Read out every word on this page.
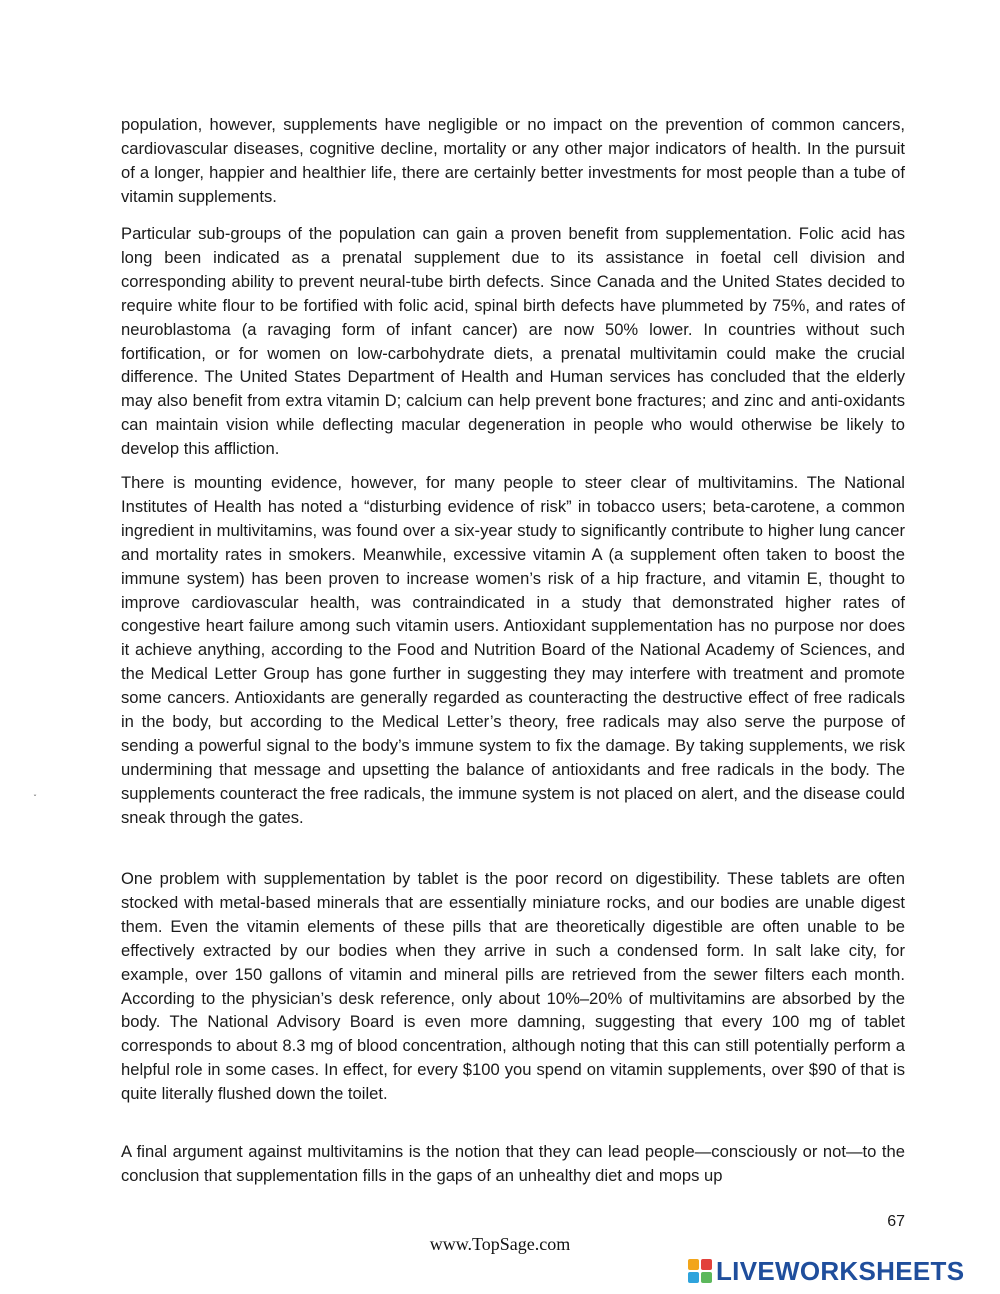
population, however, supplements have negligible or no impact on the prevention of common cancers, cardiovascular diseases, cognitive decline, mortality or any other major indicators of health. In the pursuit of a longer, happier and healthier life, there are certainly better investments for most people than a tube of vitamin supplements.

Particular sub-groups of the population can gain a proven benefit from supplementation. Folic acid has long been indicated as a prenatal supplement due to its assistance in foetal cell division and corresponding ability to prevent neural-tube birth defects. Since Canada and the United States decided to require white flour to be fortified with folic acid, spinal birth defects have plummeted by 75%, and rates of neuroblastoma (a ravaging form of infant cancer) are now 50% lower. In countries without such fortification, or for women on low-carbohydrate diets, a prenatal multivitamin could make the crucial difference. The United States Department of Health and Human services has concluded that the elderly may also benefit from extra vitamin D; calcium can help prevent bone fractures; and zinc and anti-oxidants can maintain vision while deflecting macular degeneration in people who would otherwise be likely to develop this affliction.

There is mounting evidence, however, for many people to steer clear of multivitamins. The National Institutes of Health has noted a “disturbing evidence of risk” in tobacco users; beta-carotene, a common ingredient in multivitamins, was found over a six-year study to significantly contribute to higher lung cancer and mortality rates in smokers. Meanwhile, excessive vitamin A (a supplement often taken to boost the immune system) has been proven to increase women’s risk of a hip fracture, and vitamin E, thought to improve cardiovascular health, was contraindicated in a study that demonstrated higher rates of congestive heart failure among such vitamin users. Antioxidant supplementation has no purpose nor does it achieve anything, according to the Food and Nutrition Board of the National Academy of Sciences, and the Medical Letter Group has gone further in suggesting they may interfere with treatment and promote some cancers. Antioxidants are generally regarded as counteracting the destructive effect of free radicals in the body, but according to the Medical Letter’s theory, free radicals may also serve the purpose of sending a powerful signal to the body’s immune system to fix the damage. By taking supplements, we risk undermining that message and upsetting the balance of antioxidants and free radicals in the body. The supplements counteract the free radicals, the immune system is not placed on alert, and the disease could sneak through the gates.

One problem with supplementation by tablet is the poor record on digestibility. These tablets are often stocked with metal-based minerals that are essentially miniature rocks, and our bodies are unable digest them. Even the vitamin elements of these pills that are theoretically digestible are often unable to be effectively extracted by our bodies when they arrive in such a condensed form. In salt lake city, for example, over 150 gallons of vitamin and mineral pills are retrieved from the sewer filters each month. According to the physician’s desk reference, only about 10%–20% of multivitamins are absorbed by the body. The National Advisory Board is even more damning, suggesting that every 100 mg of tablet corresponds to about 8.3 mg of blood concentration, although noting that this can still potentially perform a helpful role in some cases. In effect, for every $100 you spend on vitamin supplements, over $90 of that is quite literally flushed down the toilet.

A final argument against multivitamins is the notion that they can lead people—consciously or not—to the conclusion that supplementation fills in the gaps of an unhealthy diet and mops up

ˇ
67
www.TopSage.com
LIVEWORKSHEETS
